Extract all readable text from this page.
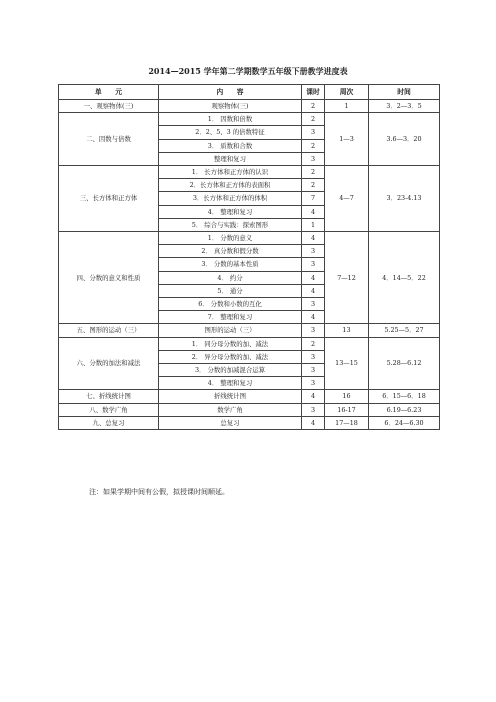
2014—2015 学年第二学期数学五年级下册教学进度表
单　　元	内　　容	课时	周次	时间
一、观察物体(三)	观察物体(三)	2	1	3．2—3．5
二、因数与倍数	1． 因数和倍数	2	1—3	3.6—3．20
	2．2、5、3 的倍数特征	3		
	3． 质数和合数	2		
	整理和复习	3		
三、长方体和正方体	1． 长方体和正方体的认识	2	4—7	3．23-4.13
	2．长方体和正方体的表面积	2		
	3．长方体和正方体的体积	7		
	4． 整理和复习	4		
	5． 综合与实践：探索图形	1		
四、分数的意义和性质	1． 分数的意义	4	7—12	4．14—5．22
	2． 真分数和假分数	3		
	3． 分数的基本性质	3		
	4． 约分	4		
	5． 通分	4		
	6． 分数和小数的互化	3		
	7． 整理和复习	4		
五、图形的运动（三）	图形的运动（三）	3	13	5.25—5．27
六、分数的加法和减法	1． 同分母分数的加、减法	2	13—15	5.28—6.12
	2． 异分母分数的加、减法	3		
	3． 分数的加减混合运算	3		
	4． 整理和复习	3		
七、折线统计图	折线统计图	4	16	6．15—6．18
八、数学广角	数学广角	3	16-17	6.19—6.23
九、总复习	总复习	4	17—18	6．24—6.30
注：如果学期中间有公假，拟授课时间顺延。
